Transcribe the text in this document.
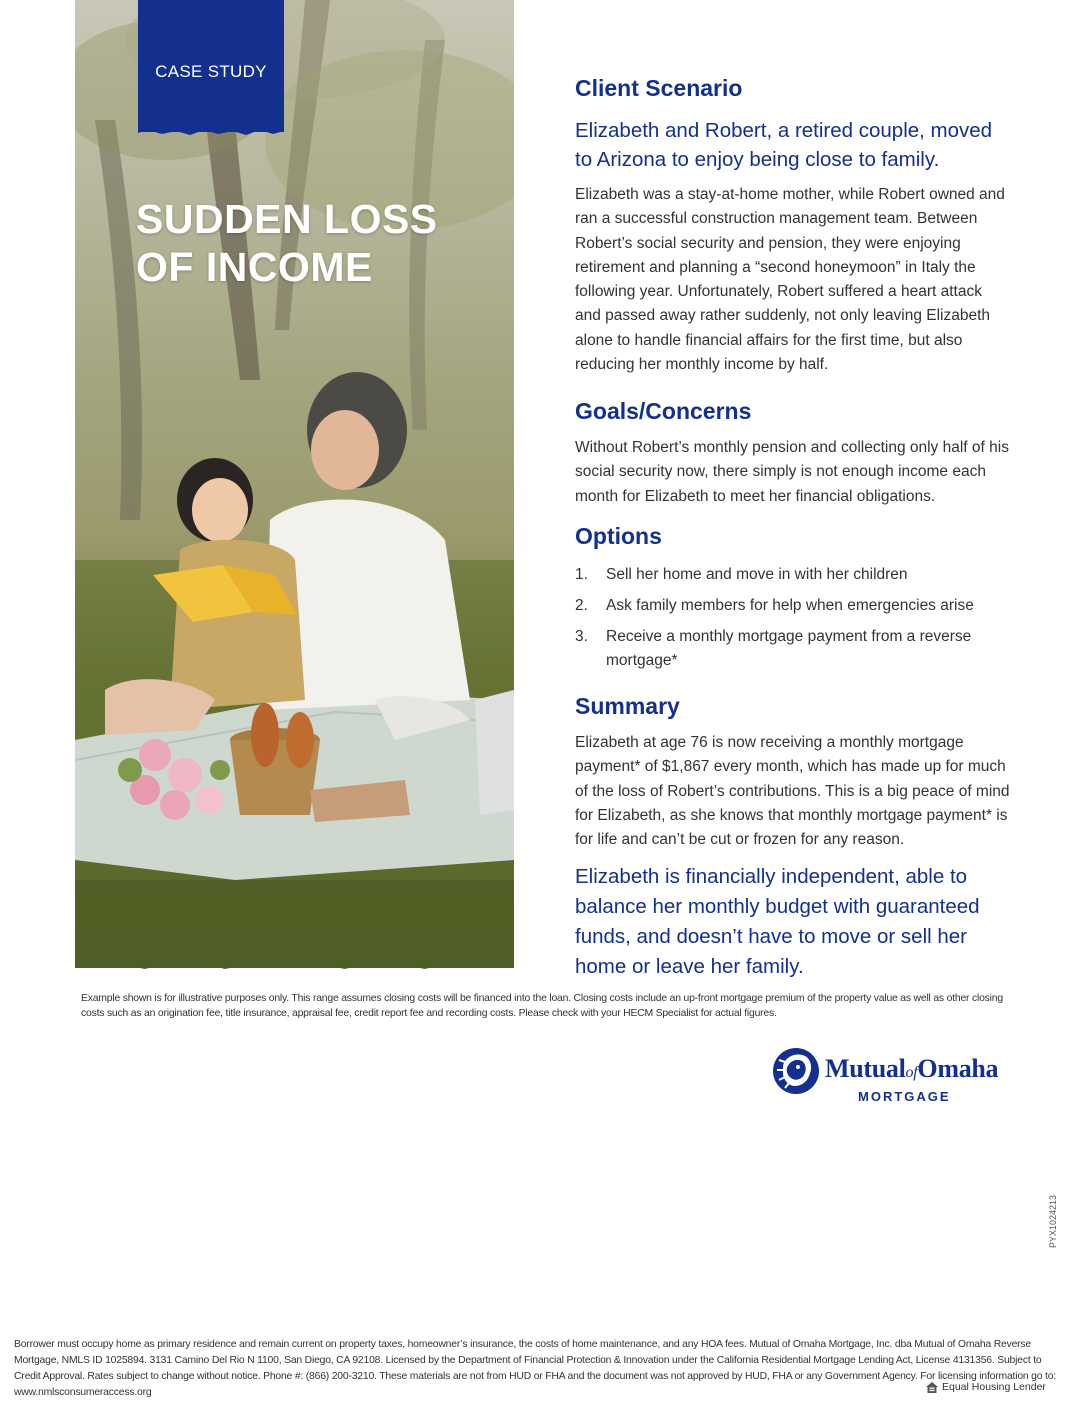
CASE STUDY
SUDDEN LOSS
OF INCOME
Client Scenario
Elizabeth and Robert, a retired couple, moved to Arizona to enjoy being close to family.
Elizabeth was a stay-at-home mother, while Robert owned and ran a successful construction management team. Between Robert’s social security and pension, they were enjoying retirement and planning a “second honeymoon” in Italy the following year. Unfortunately, Robert suffered a heart attack and passed away rather suddenly, not only leaving Elizabeth alone to handle financial affairs for the first time, but also reducing her monthly income by half.
Goals/Concerns
Without Robert’s monthly pension and collecting only half of his social security now, there simply is not enough income each month for Elizabeth to meet her financial obligations.
Options
1. Sell her home and move in with her children
2. Ask family members for help when emergencies arise
3. Receive a monthly mortgage payment from a reverse mortgage*
Summary
Elizabeth at age 76 is now receiving a monthly mortgage payment* of $1,867 every month, which has made up for much of the loss of Robert’s contributions. This is a big peace of mind for Elizabeth, as she knows that monthly mortgage payment* is for life and can’t be cut or frozen for any reason.
Elizabeth is financially independent, able to balance her monthly budget with guaranteed funds, and doesn’t have to move or sell her home or leave her family.
Example shown is for illustrative purposes only. This range assumes closing costs will be financed into the loan. Closing costs include an up-front mortgage premium of the property value as well as other closing costs such as an origination fee, title insurance, appraisal fee, credit report fee and recording costs. Please check with your HECM Specialist for actual figures.
MutualofOmaha
MORTGAGE
PYX1024213
Borrower must occupy home as primary residence and remain current on property taxes, homeowner’s insurance, the costs of home maintenance, and any HOA fees. Mutual of Omaha Mortgage, Inc. dba Mutual of Omaha Reverse Mortgage, NMLS ID 1025894. 3131 Camino Del Rio N 1100, San Diego, CA 92108. Licensed by the Department of Financial Protection & Innovation under the California Residential Mortgage Lending Act, License 4131356. Subject to Credit Approval. Rates subject to change without notice. Phone #: (866) 200-3210. These materials are not from HUD or FHA and the document was not approved by HUD, FHA or any Government Agency. For licensing information go to: www.nmlsconsumeraccess.org	Equal Housing Lender
